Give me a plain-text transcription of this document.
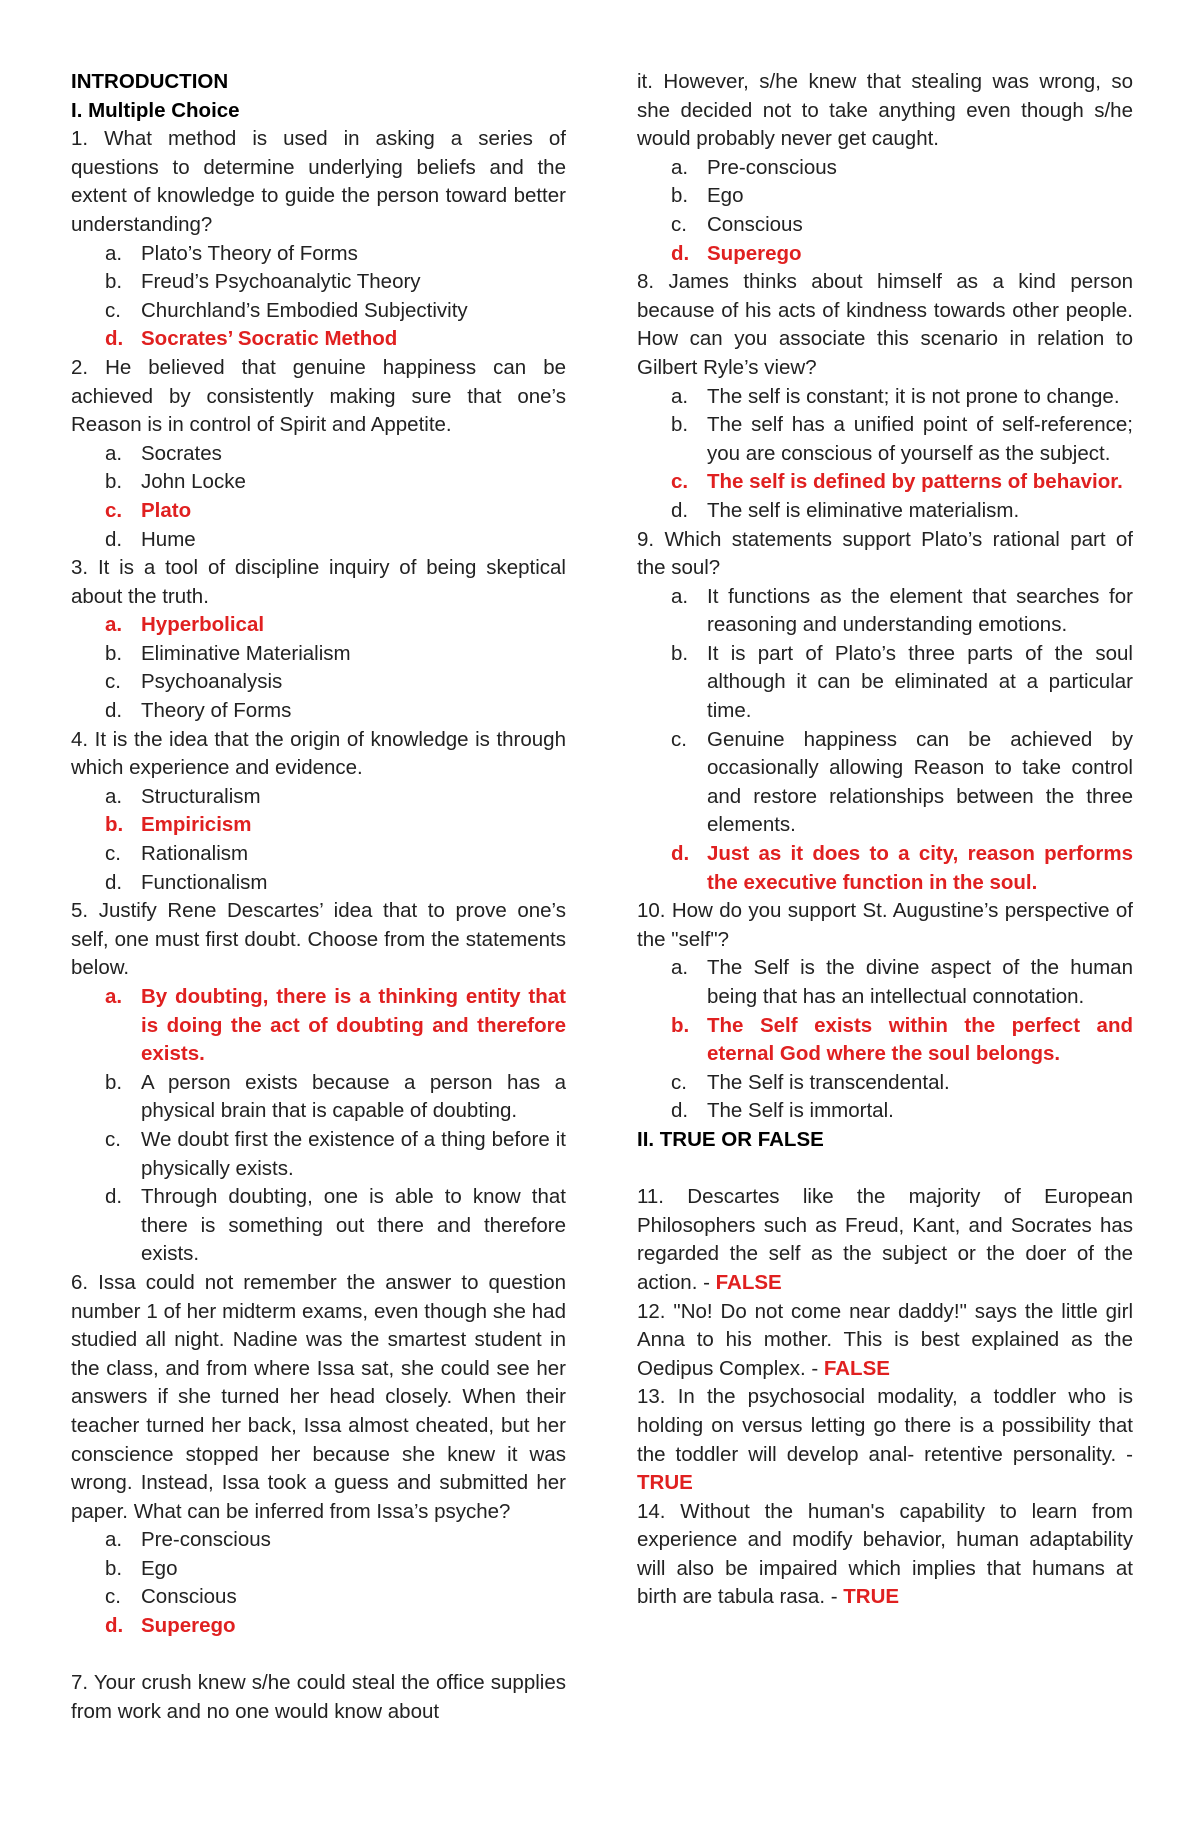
INTRODUCTION

I. Multiple Choice

1. What method is used in asking a series of questions to determine underlying beliefs and the extent of knowledge to guide the person toward better understanding?

a. Plato’s Theory of Forms
b. Freud’s Psychoanalytic Theory
c. Churchland’s Embodied Subjectivity
d. Socrates’ Socratic Method

2. He believed that genuine happiness can be achieved by consistently making sure that one’s Reason is in control of Spirit and Appetite.

a. Socrates
b. John Locke
c. Plato
d. Hume

3. It is a tool of discipline inquiry of being skeptical about the truth.

a. Hyperbolical
b. Eliminative Materialism
c. Psychoanalysis
d. Theory of Forms

4. It is the idea that the origin of knowledge is through which experience and evidence.

a. Structuralism
b. Empiricism
c. Rationalism
d. Functionalism

5. Justify Rene Descartes’ idea that to prove one’s self, one must first doubt. Choose from the statements below.

a. By doubting, there is a thinking entity that is doing the act of doubting and therefore exists.
b. A person exists because a person has a physical brain that is capable of doubting.
c. We doubt first the existence of a thing before it physically exists.
d. Through doubting, one is able to know that there is something out there and therefore exists.

6. Issa could not remember the answer to question number 1 of her midterm exams, even though she had studied all night. Nadine was the smartest student in the class, and from where Issa sat, she could see her answers if she turned her head closely. When their teacher turned her back, Issa almost cheated, but her conscience stopped her because she knew it was wrong. Instead, Issa took a guess and submitted her paper. What can be inferred from Issa’s psyche?

a. Pre-conscious
b. Ego
c. Conscious
d. Superego

7. Your crush knew s/he could steal the office supplies from work and no one would know about

it. However, s/he knew that stealing was wrong, so she decided not to take anything even though s/he would probably never get caught.

a. Pre-conscious
b. Ego
c. Conscious
d. Superego

8. James thinks about himself as a kind person because of his acts of kindness towards other people. How can you associate this scenario in relation to Gilbert Ryle’s view?

a. The self is constant; it is not prone to change.
b. The self has a unified point of self-reference; you are conscious of yourself as the subject.
c. The self is defined by patterns of behavior.
d. The self is eliminative materialism.

9. Which statements support Plato’s rational part of the soul?

a. It functions as the element that searches for reasoning and understanding emotions.
b. It is part of Plato’s three parts of the soul although it can be eliminated at a particular time.
c. Genuine happiness can be achieved by occasionally allowing Reason to take control and restore relationships between the three elements.
d. Just as it does to a city, reason performs the executive function in the soul.

10. How do you support St. Augustine’s perspective of the "self"?

a. The Self is the divine aspect of the human being that has an intellectual connotation.
b. The Self exists within the perfect and eternal God where the soul belongs.
c. The Self is transcendental.
d. The Self is immortal.

II. TRUE OR FALSE

11. Descartes like the majority of European Philosophers such as Freud, Kant, and Socrates has regarded the self as the subject or the doer of the action. - FALSE

12. "No! Do not come near daddy!" says the little girl Anna to his mother. This is best explained as the Oedipus Complex. - FALSE

13. In the psychosocial modality, a toddler who is holding on versus letting go there is a possibility that the toddler will develop anal- retentive personality. - TRUE

14. Without the human's capability to learn from experience and modify behavior, human adaptability will also be impaired which implies that humans at birth are tabula rasa. - TRUE
